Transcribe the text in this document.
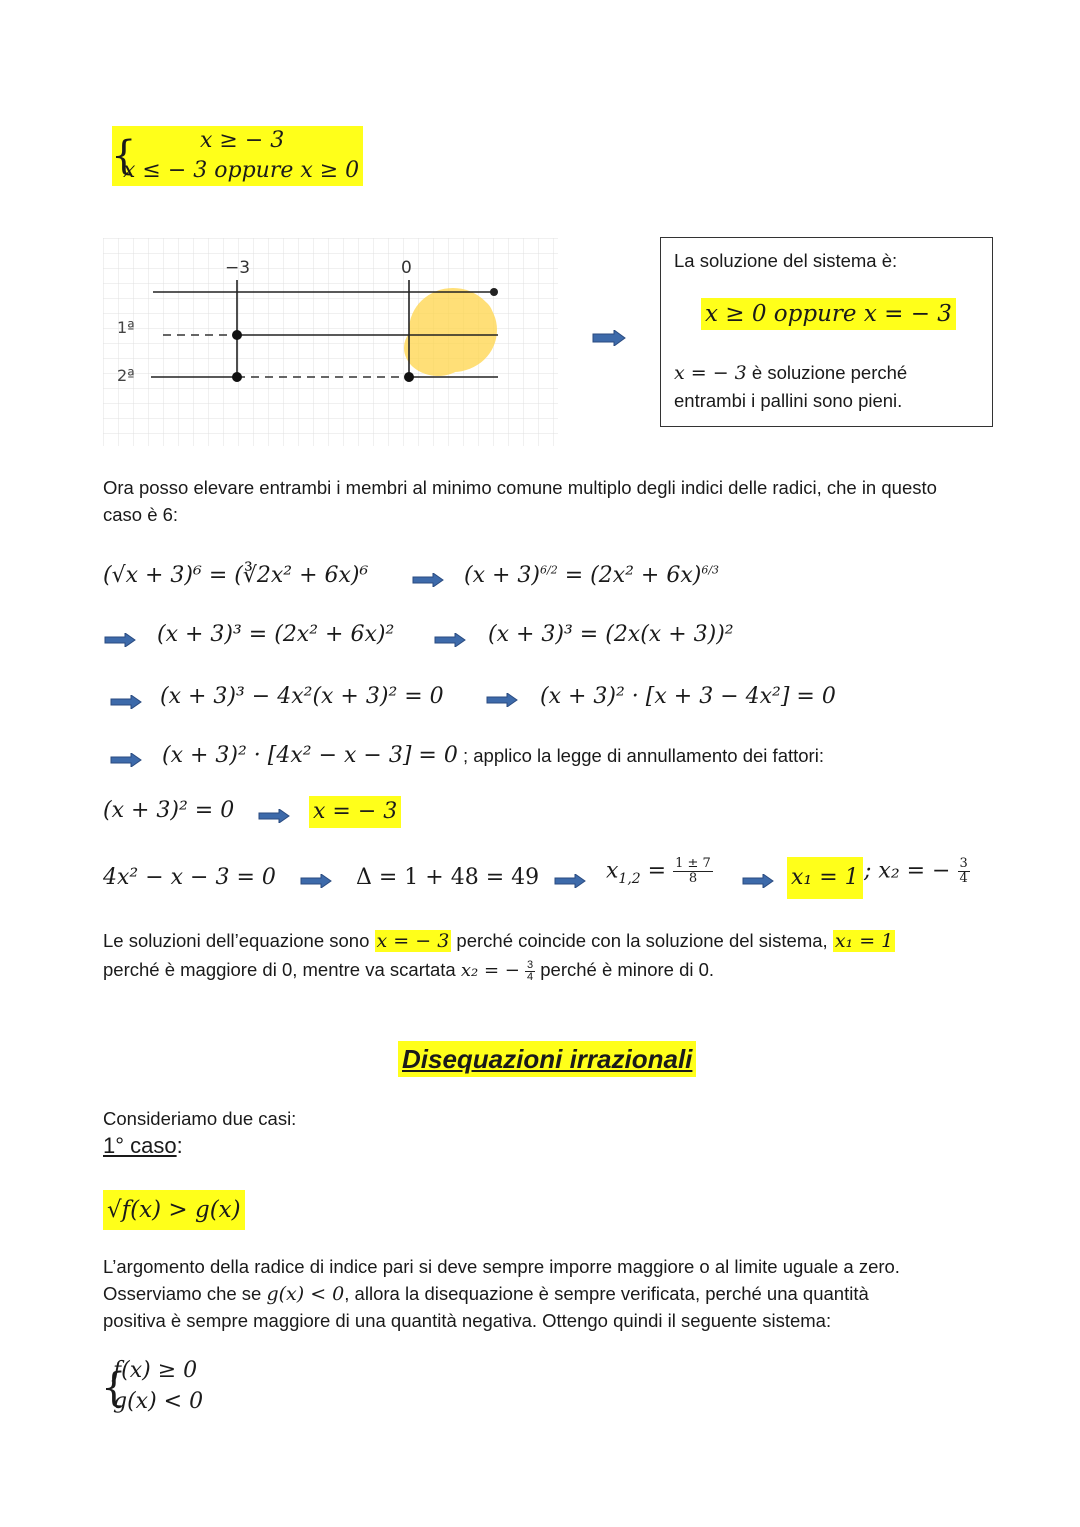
{	x ≥ − 3
x ≤ − 3 oppure x ≥ 0
−3	0
1ª
2ª
La soluzione del sistema è:
x ≥ 0 oppure x = − 3
x = − 3 è soluzione perché
entrambi i pallini sono pieni.
Ora posso elevare entrambi i membri al minimo comune multiplo degli indici delle radici, che in questo caso è 6:
(√x + 3)⁶ = (∛2x² + 6x)⁶	$(x + 3)^{6/2} = (2x^2 + 6x)^{6/3}$
(x + 3)³ = (2x² + 6x)²	(x + 3)³ = (2x(x + 3))²
(x + 3)³ − 4x²(x + 3)² = 0	(x + 3)² · [x + 3 − 4x²] = 0
(x + 3)² · [4x² − x − 3] = 0 ; applico la legge di annullamento dei fattori:
(x + 3)² = 0	x = − 3
4x² − x − 3 = 0	Δ = 1 + 48 = 49	$x_{1,2} = \frac{1 \pm 7}{8}$	x₁ = 1 ; x₂ = − $\frac{3}{4}$
Le soluzioni dell’equazione sono x = − 3 perché coincide con la soluzione del sistema, x₁ = 1
perché è maggiore di 0, mentre va scartata x₂ = − $\frac{3}{4}$ perché è minore di 0.
Disequazioni irrazionali
Consideriamo due casi:
1° caso:
√f(x) > g(x)
L’argomento della radice di indice pari si deve sempre imporre maggiore o al limite uguale a zero.
Osserviamo che se g(x) < 0, allora la disequazione è sempre verificata, perché una quantità
positiva è sempre maggiore di una quantità negativa. Ottengo quindi il seguente sistema:
{
f(x) ≥ 0
g(x) < 0
